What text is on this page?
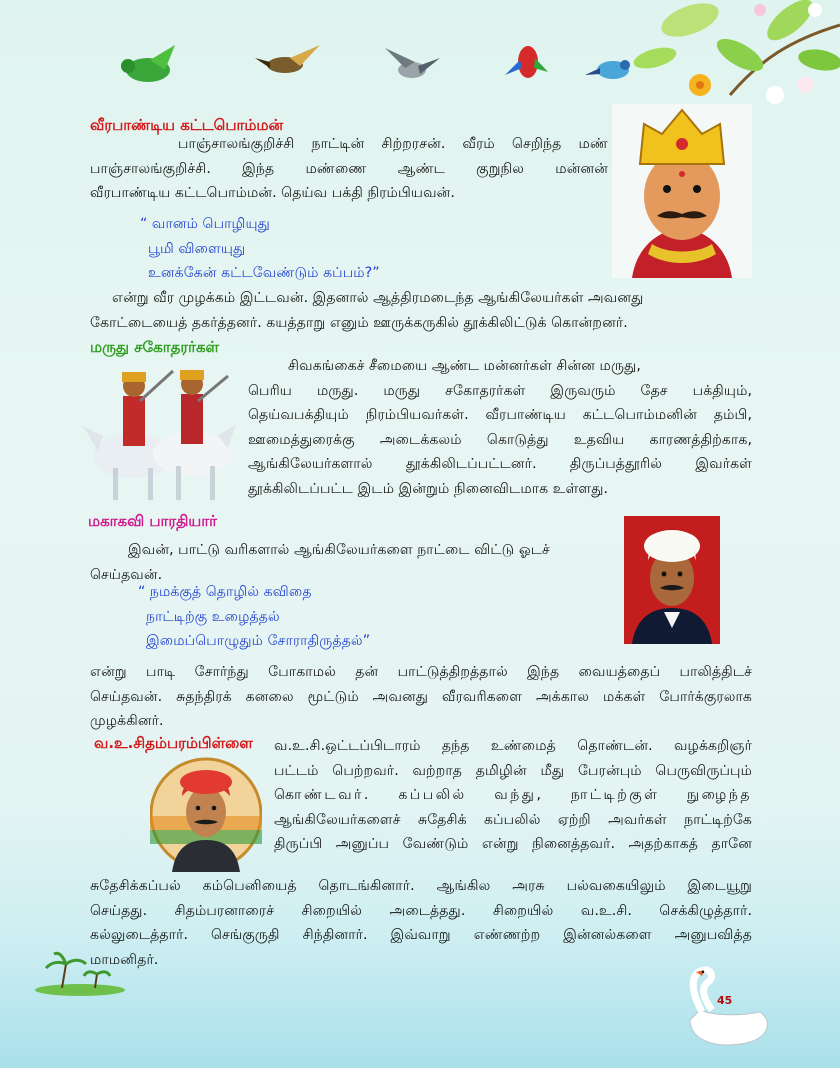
வீரபாண்டிய கட்டபொம்மன்
பாஞ்சாலங்குறிச்சி நாட்டின் சிற்றரசன். வீரம் செறிந்த மண்
பாஞ்சாலங்குறிச்சி. இந்த மண்ணை ஆண்ட குறுநில மன்னன்
வீரபாண்டிய கட்டபொம்மன். தெய்வ பக்தி நிரம்பியவன்.
“ வானம் பொழியுது
பூமி விளையுது
உனக்கேன் கட்டவேண்டும் கப்பம்?”
என்று வீர முழக்கம் இட்டவன். இதனால் ஆத்திரமடைந்த ஆங்கிலேயர்கள் அவனது
கோட்டையைத் தகர்த்தனர். கயத்தாறு எனும் ஊருக்கருகில் தூக்கிலிட்டுக் கொன்றனர்.
மருது சகோதரர்கள்
சிவகங்கைச் சீமையை ஆண்ட மன்னர்கள் சின்ன மருது,
பெரிய மருது. மருது சகோதரர்கள் இருவரும் தேச பக்தியும்,
தெய்வபக்தியும் நிரம்பியவர்கள். வீரபாண்டிய கட்டபொம்மனின் தம்பி,
ஊமைத்துரைக்கு அடைக்கலம் கொடுத்து உதவிய காரணத்திற்காக,
ஆங்கிலேயர்களால் தூக்கிலிடப்பட்டனர். திருப்பத்தூரில் இவர்கள்
தூக்கிலிடப்பட்ட இடம் இன்றும் நினைவிடமாக உள்ளது.
மகாகவி பாரதியார்
இவன், பாட்டு வரிகளால் ஆங்கிலேயர்களை நாட்டை விட்டு ஓடச்
செய்தவன்.
“ நமக்குத் தொழில் கவிதை
நாட்டிற்கு உழைத்தல்
இமைப்பொழுதும் சோராதிருத்தல்”
என்று பாடி சோர்ந்து போகாமல் தன் பாட்டுத்திறத்தால் இந்த வையத்தைப் பாலித்திடச்
செய்தவன். சுதந்திரக் கனலை மூட்டும் அவனது வீரவரிகளை அக்கால மக்கள் போர்க்குரலாக
முழக்கினர்.
வ.உ.சிதம்பரம்பிள்ளை வ.உ.சி.ஒட்டப்பிடாரம் தந்த உண்மைத் தொண்டன். வழக்கறிஞர்
பட்டம் பெற்றவர். வற்றாத தமிழின் மீது பேரன்பும் பெருவிருப்பும்
கொண்டவர். கப்பலில் வந்து, நாட்டிற்குள் நுழைந்த
ஆங்கிலேயர்களைச் சுதேசிக் கப்பலில் ஏற்றி அவர்கள் நாட்டிற்கே
திருப்பி அனுப்ப வேண்டும் என்று நினைத்தவர். அதற்காகத் தானே
சுதேசிக்கப்பல் கம்பெனியைத் தொடங்கினார். ஆங்கில அரசு பல்வகையிலும் இடையூறு
செய்தது. சிதம்பரனாரைச் சிறையில் அடைத்தது. சிறையில் வ.உ.சி. செக்கிழுத்தார்.
கல்லுடைத்தார். செங்குருதி சிந்தினார். இவ்வாறு எண்ணற்ற இன்னல்களை அனுபவித்த
மாமனிதர்.
45
